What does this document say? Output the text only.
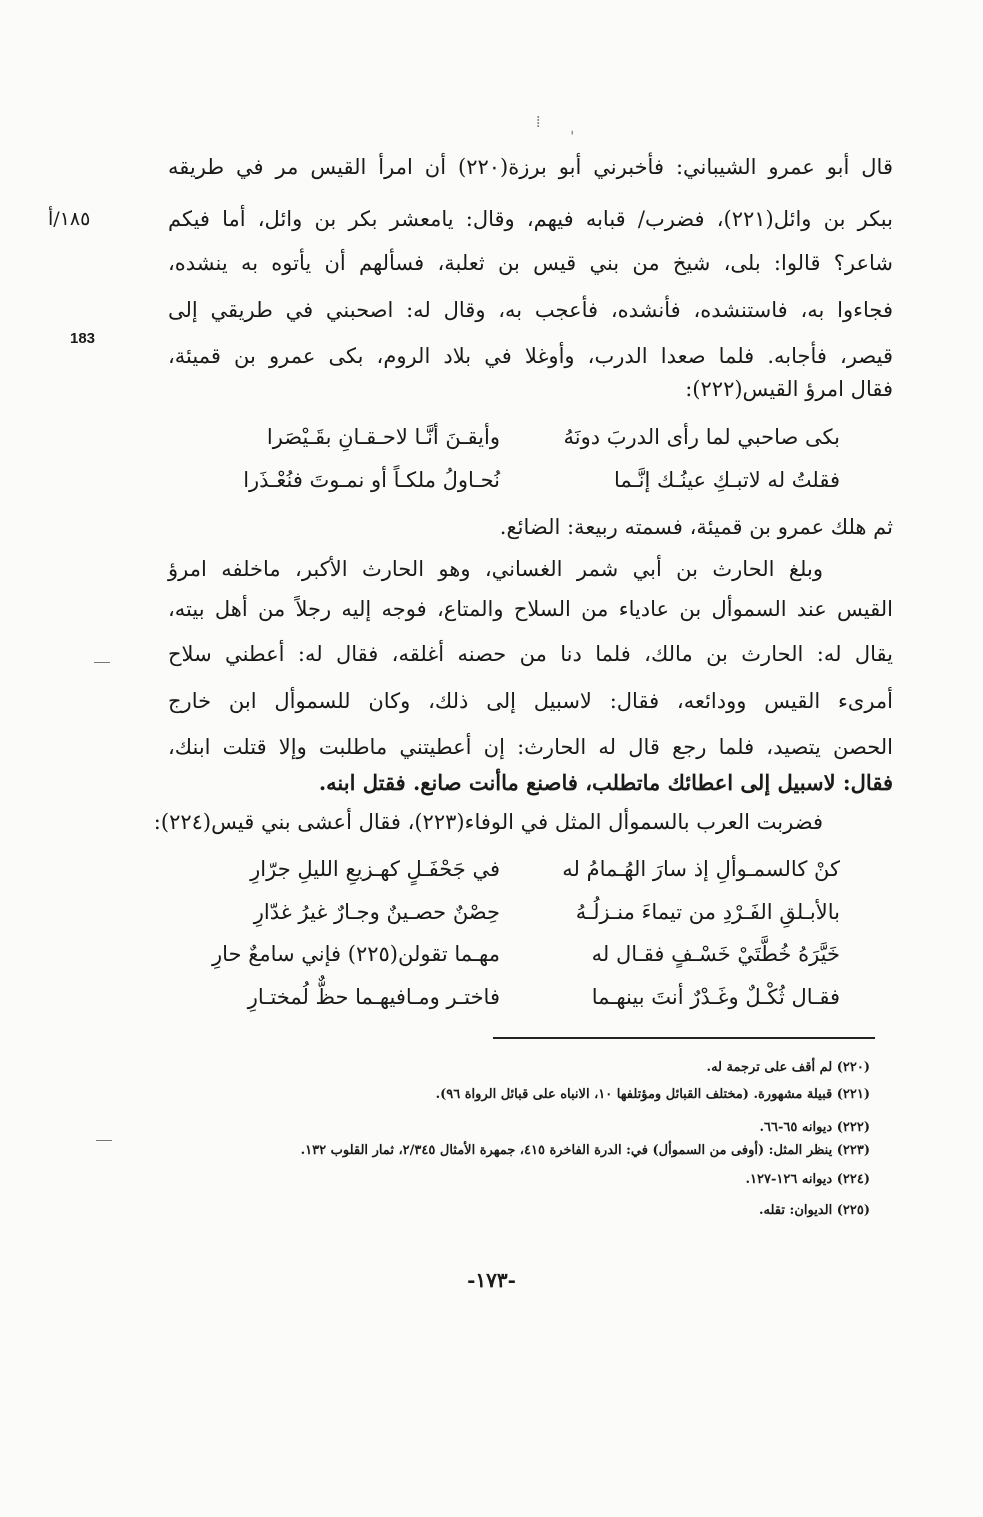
⁞
ˈ
١٨٥/أ
183
قال أبو عمرو الشيباني: فأخبرني أبو برزة(٢٢٠) أن امرأ القيس مر في طريقه
ببكر بن وائل(٢٢١)، فضرب/ قبابه فيهم، وقال: يامعشر بكر بن وائل، أما فيكم
شاعر؟ قالوا: بلى، شيخ من بني قيس بن ثعلبة، فسألهم أن يأتوه به ينشده،
فجاءوا به، فاستنشده، فأنشده، فأعجب به، وقال له: اصحبني في طريقي إلى
قيصر، فأجابه. فلما صعدا الدرب، وأوغلا في بلاد الروم، بكى عمرو بن قميئة،
فقال امرؤ القيس(٢٢٢):
بكى صاحبي لما رأى الدربَ دونَهُ
وأيقـنَ أنَّـا لاحـقـانِ بقَـيْصَرا
فقلتُ له لاتبـكِ عينُـك إنَّـما
نُحـاولُ ملكـاً أو نمـوتَ فنُعْـذَرا
ثم هلك عمرو بن قميئة، فسمته ربيعة: الضائع.
وبلغ الحارث بن أبي شمر الغساني، وهو الحارث الأكبر، ماخلفه امرؤ
القيس عند السموأل بن عادياء من السلاح والمتاع، فوجه إليه رجلاً من أهل بيته،
يقال له: الحارث بن مالك، فلما دنا من حصنه أغلقه، فقال له: أعطني سلاح
أمرىء القيس وودائعه، فقال: لاسبيل إلى ذلك، وكان للسموأل ابن خارج
الحصن يتصيد، فلما رجع قال له الحارث: إن أعطيتني ماطلبت وإلا قتلت ابنك،
فقال: لاسبيل إلى اعطائك ماتطلب، فاصنع ماأنت صانع. فقتل ابنه.
فضربت العرب بالسموأل المثل في الوفاء(٢٢٣)، فقال أعشى بني قيس(٢٢٤):
كنْ كالسمـوألِ إذ سارَ الهُـمامُ له
في جَحْفَـلٍ كهـزيعِ الليلِ جرّارِ
بالأبـلقِ الفَـرْدِ من تيماءَ منـزلُـهُ
حِصْنٌ حصـينٌ وجـارٌ غيرُ غدّارِ
خَيَّرَهُ خُطَّتَيْ خَسْـفٍ فقـال له
مهـما تقولن(٢٢٥) فإني سامعٌ حارِ
فقـال ثُكْـلٌ وغَـدْرٌ أنتَ بينهـما
فاختـر ومـافيهـما حظٌّ لُمختـارِ
(٢٢٠) لم أقف على ترجمة له.
(٢٢١) قبيلة مشهورة. (مختلف القبائل ومؤتلفها ١٠، الانباه على قبائل الرواة ٩٦).
(٢٢٢) ديوانه ٦٥-٦٦.
(٢٢٣) ينظر المثل: (أوفى من السموأل) في: الدرة الفاخرة ٤١٥، جمهرة الأمثال ٢/٣٤٥، ثمار القلوب ١٣٢.
(٢٢٤) ديوانه ١٢٦-١٢٧.
(٢٢٥) الديوان: تقله.
-١٧٣-
